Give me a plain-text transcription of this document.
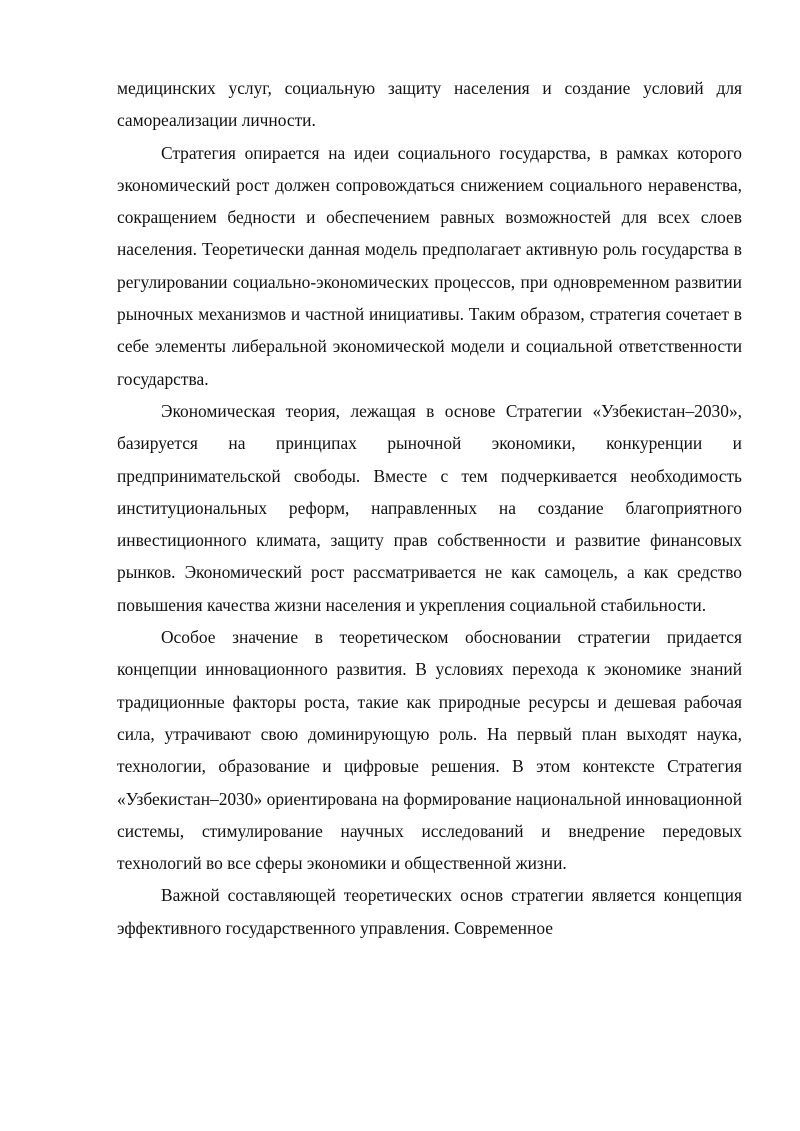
медицинских услуг, социальную защиту населения и создание условий для самореализации личности.

Стратегия опирается на идеи социального государства, в рамках которого экономический рост должен сопровождаться снижением социального неравенства, сокращением бедности и обеспечением равных возможностей для всех слоев населения. Теоретически данная модель предполагает активную роль государства в регулировании социально-экономических процессов, при одновременном развитии рыночных механизмов и частной инициативы. Таким образом, стратегия сочетает в себе элементы либеральной экономической модели и социальной ответственности государства.

Экономическая теория, лежащая в основе Стратегии «Узбекистан–2030», базируется на принципах рыночной экономики, конкуренции и предпринимательской свободы. Вместе с тем подчеркивается необходимость институциональных реформ, направленных на создание благоприятного инвестиционного климата, защиту прав собственности и развитие финансовых рынков. Экономический рост рассматривается не как самоцель, а как средство повышения качества жизни населения и укрепления социальной стабильности.

Особое значение в теоретическом обосновании стратегии придается концепции инновационного развития. В условиях перехода к экономике знаний традиционные факторы роста, такие как природные ресурсы и дешевая рабочая сила, утрачивают свою доминирующую роль. На первый план выходят наука, технологии, образование и цифровые решения. В этом контексте Стратегия «Узбекистан–2030» ориентирована на формирование национальной инновационной системы, стимулирование научных исследований и внедрение передовых технологий во все сферы экономики и общественной жизни.

Важной составляющей теоретических основ стратегии является концепция эффективного государственного управления. Современное
